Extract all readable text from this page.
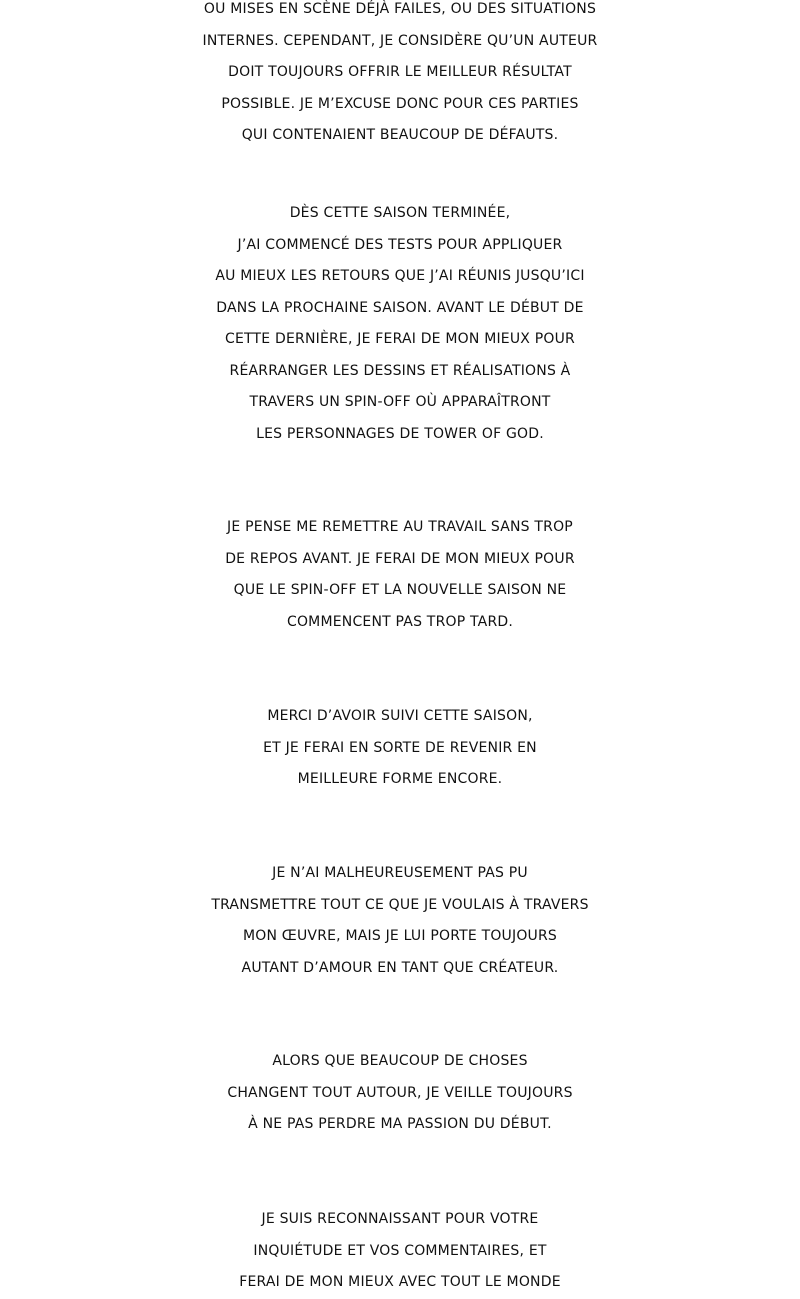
OU MISES EN SCÈNE DÉJÀ FAILES, OU DES SITUATIONS
INTERNES. CEPENDANT, JE CONSIDÈRE QU’UN AUTEUR
DOIT TOUJOURS OFFRIR LE MEILLEUR RÉSULTAT
POSSIBLE. JE M’EXCUSE DONC POUR CES PARTIES
QUI CONTENAIENT BEAUCOUP DE DÉFAUTS.

DÈS CETTE SAISON TERMINÉE,
J’AI COMMENCÉ DES TESTS POUR APPLIQUER
AU MIEUX LES RETOURS QUE J’AI RÉUNIS JUSQU’ICI
DANS LA PROCHAINE SAISON. AVANT LE DÉBUT DE
CETTE DERNIÈRE, JE FERAI DE MON MIEUX POUR
RÉARRANGER LES DESSINS ET RÉALISATIONS À
TRAVERS UN SPIN-OFF OÙ APPARAÎTRONT
LES PERSONNAGES DE TOWER OF GOD.

JE PENSE ME REMETTRE AU TRAVAIL SANS TROP
DE REPOS AVANT. JE FERAI DE MON MIEUX POUR
QUE LE SPIN-OFF ET LA NOUVELLE SAISON NE
COMMENCENT PAS TROP TARD.

MERCI D’AVOIR SUIVI CETTE SAISON,
ET JE FERAI EN SORTE DE REVENIR EN
MEILLEURE FORME ENCORE.

JE N’AI MALHEUREUSEMENT PAS PU
TRANSMETTRE TOUT CE QUE JE VOULAIS À TRAVERS
MON ŒUVRE, MAIS JE LUI PORTE TOUJOURS
AUTANT D’AMOUR EN TANT QUE CRÉATEUR.

ALORS QUE BEAUCOUP DE CHOSES
CHANGENT TOUT AUTOUR, JE VEILLE TOUJOURS
À NE PAS PERDRE MA PASSION DU DÉBUT.

JE SUIS RECONNAISSANT POUR VOTRE
INQUIÉTUDE ET VOS COMMENTAIRES, ET
FERAI DE MON MIEUX AVEC TOUT LE MONDE
